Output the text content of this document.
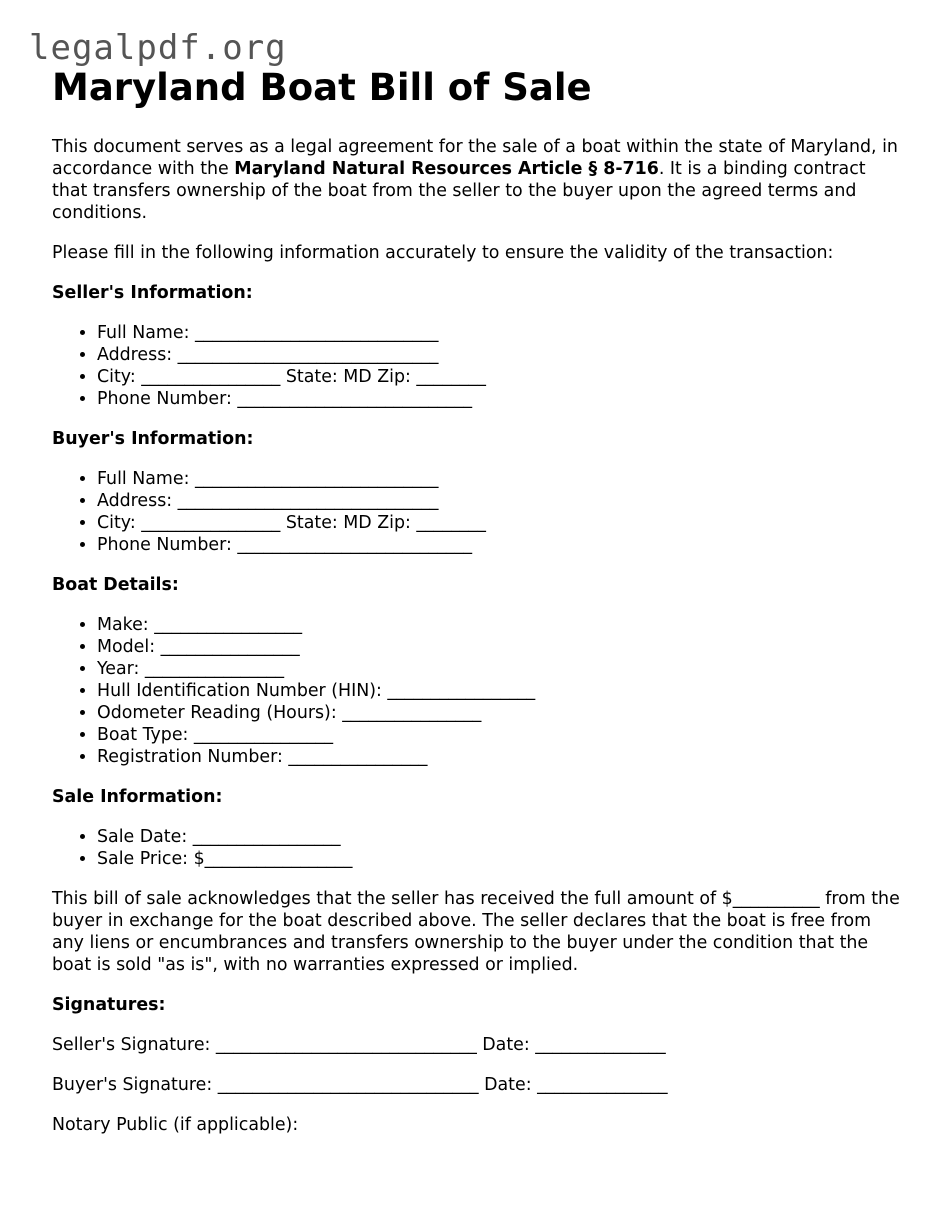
legalpdf.org
Maryland Boat Bill of Sale

This document serves as a legal agreement for the sale of a boat within the state of Maryland, in accordance with the Maryland Natural Resources Article § 8-716. It is a binding contract that transfers ownership of the boat from the seller to the buyer upon the agreed terms and conditions.

Please fill in the following information accurately to ensure the validity of the transaction:

Seller's Information:
• Full Name: ____________________________
• Address: ______________________________
• City: ________________ State: MD Zip: ________
• Phone Number: ___________________________
Buyer's Information:
• Full Name: ____________________________
• Address: ______________________________
• City: ________________ State: MD Zip: ________
• Phone Number: ___________________________
Boat Details:
• Make: _________________
• Model: ________________
• Year: ________________
• Hull Identification Number (HIN): _________________
• Odometer Reading (Hours): ________________
• Boat Type: ________________
• Registration Number: ________________
Sale Information:
• Sale Date: _________________
• Sale Price: $_________________

This bill of sale acknowledges that the seller has received the full amount of $__________ from the buyer in exchange for the boat described above. The seller declares that the boat is free from any liens or encumbrances and transfers ownership to the buyer under the condition that the boat is sold "as is", with no warranties expressed or implied.

Signatures:

Seller's Signature: ______________________________ Date: _______________

Buyer's Signature: ______________________________ Date: _______________

Notary Public (if applicable):
